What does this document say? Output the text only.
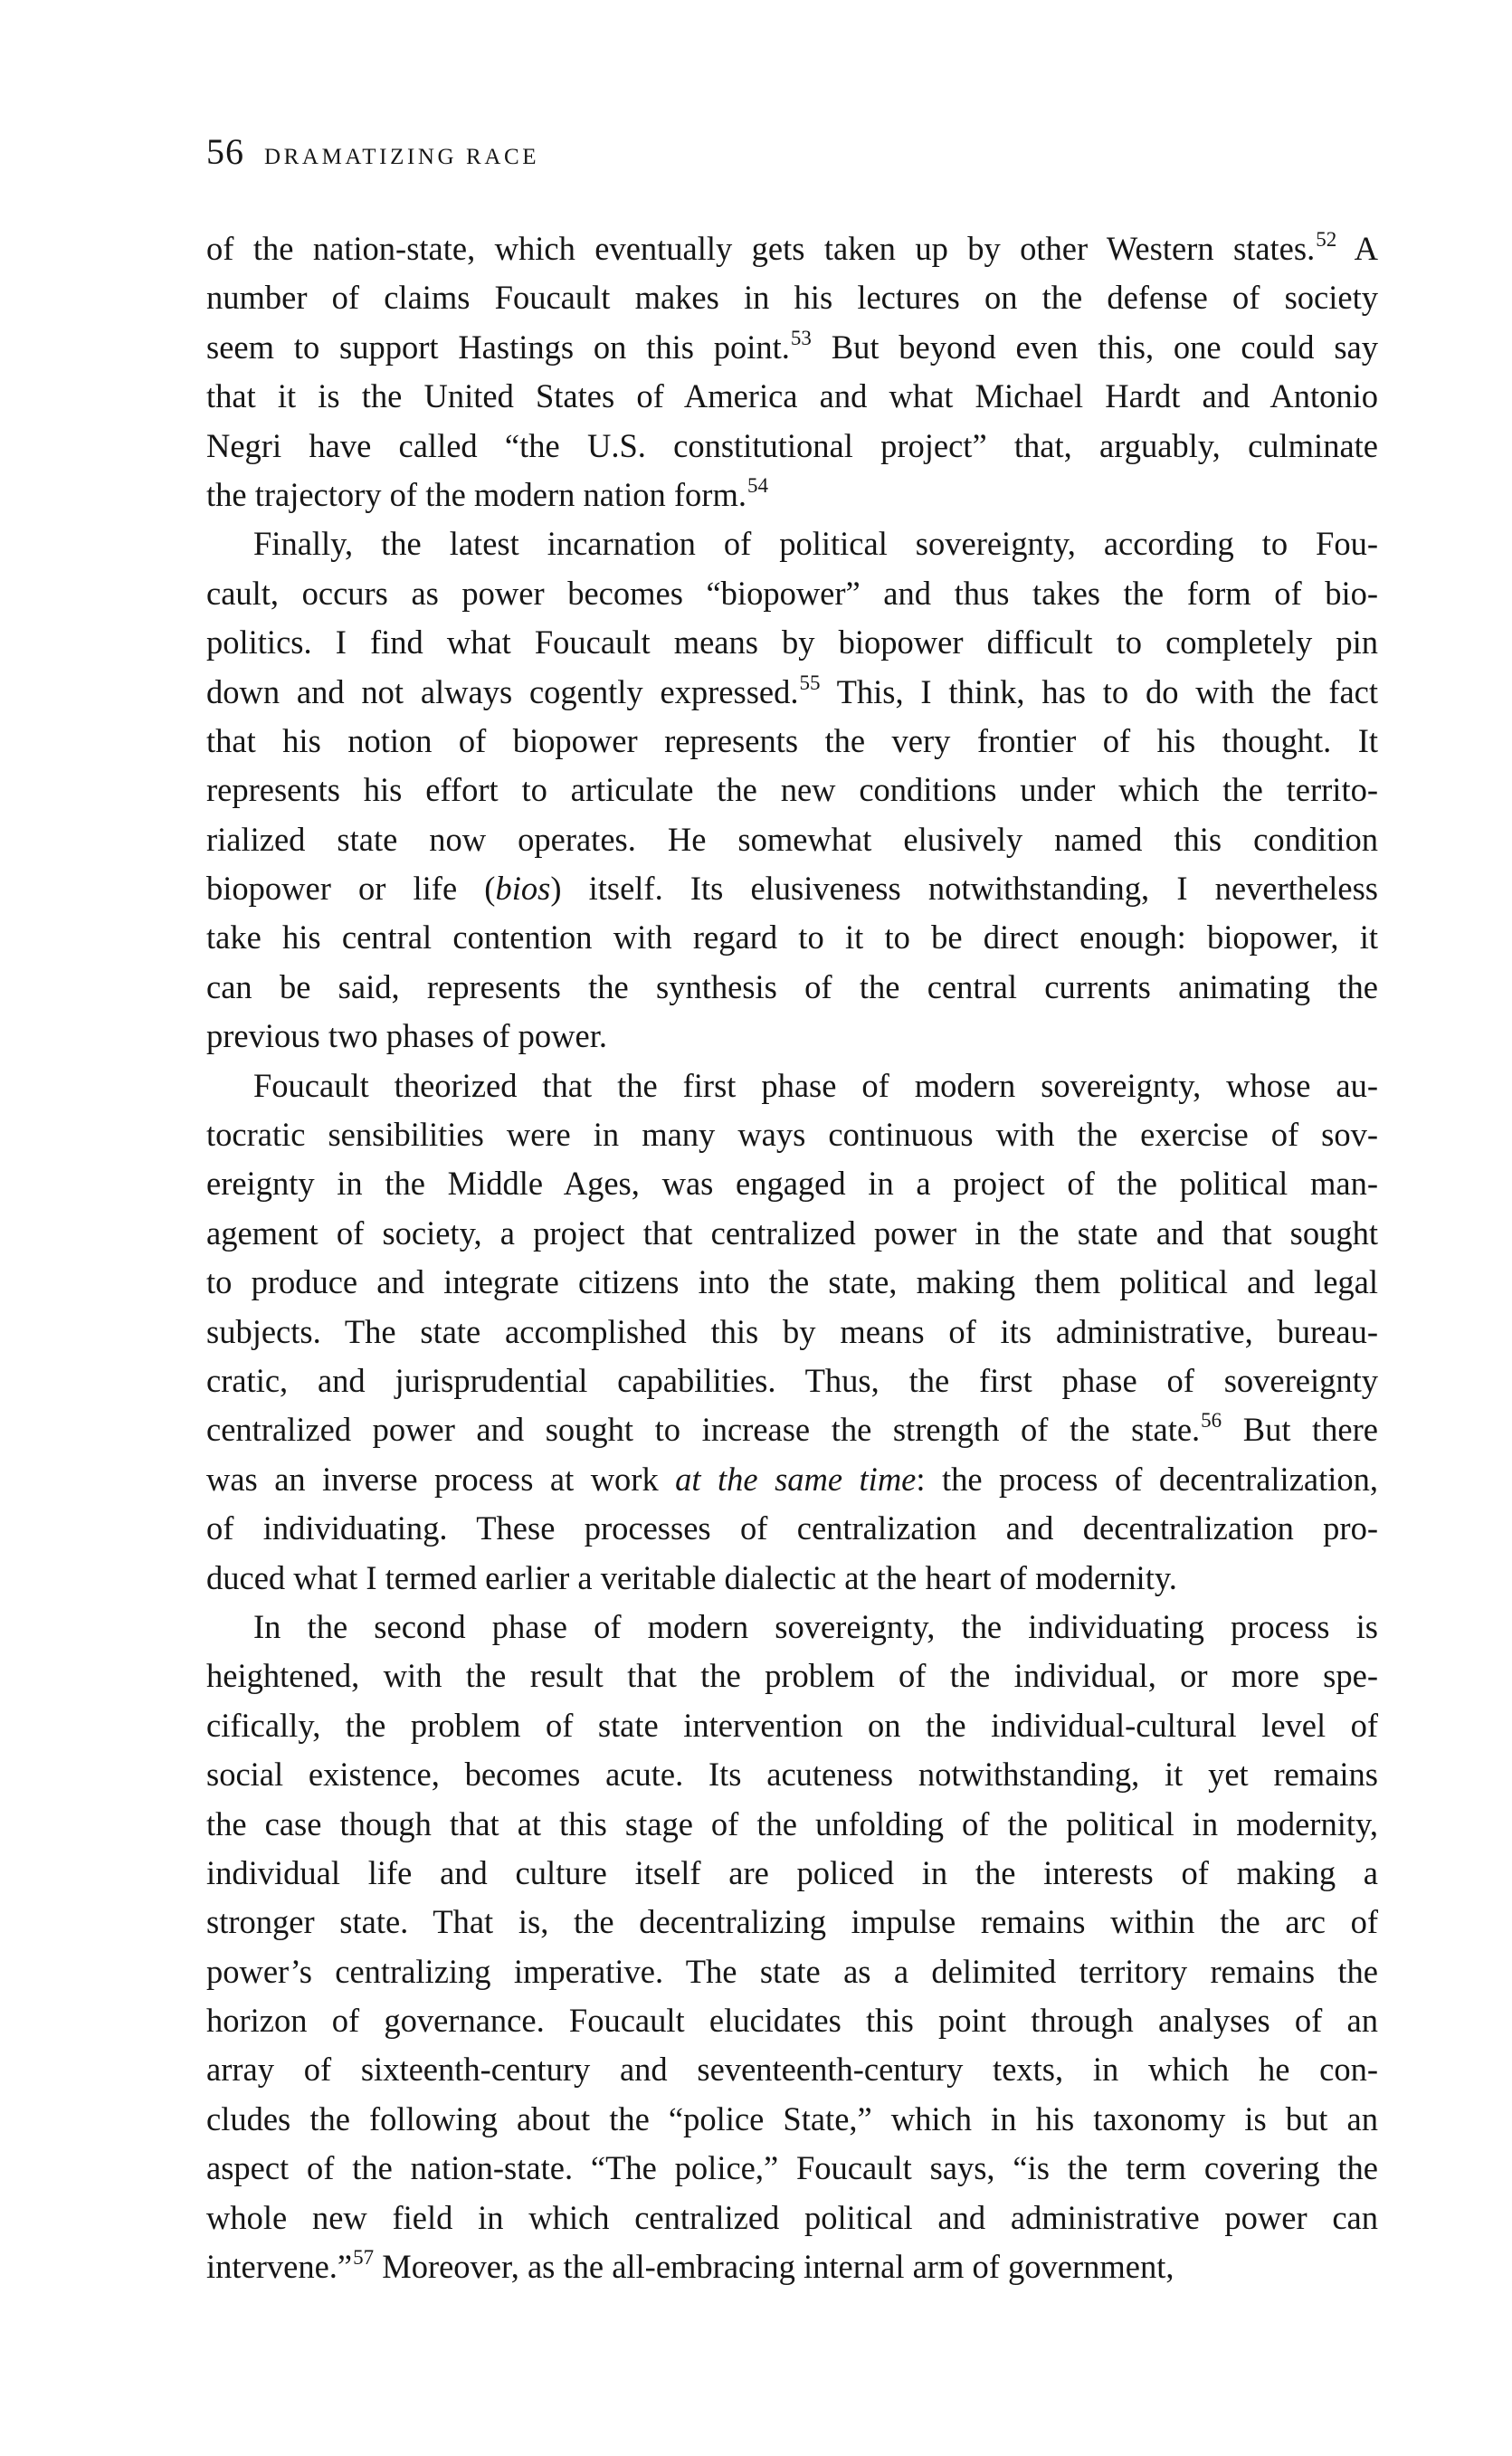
56 DRAMATIZING RACE
of the nation-state, which eventually gets taken up by other Western states.$^{52}$ A
number of claims Foucault makes in his lectures on the defense of society
seem to support Hastings on this point.$^{53}$ But beyond even this, one could say
that it is the United States of America and what Michael Hardt and Antonio
Negri have called “the U.S. constitutional project” that, arguably, culminate
the trajectory of the modern nation form.$^{54}$
Finally, the latest incarnation of political sovereignty, according to Fou-
cault, occurs as power becomes “biopower” and thus takes the form of bio-
politics. I find what Foucault means by biopower difficult to completely pin
down and not always cogently expressed.$^{55}$ This, I think, has to do with the fact
that his notion of biopower represents the very frontier of his thought. It
represents his effort to articulate the new conditions under which the territo-
rialized state now operates. He somewhat elusively named this condition
biopower or life (bios) itself. Its elusiveness notwithstanding, I nevertheless
take his central contention with regard to it to be direct enough: biopower, it
can be said, represents the synthesis of the central currents animating the
previous two phases of power.
Foucault theorized that the first phase of modern sovereignty, whose au-
tocratic sensibilities were in many ways continuous with the exercise of sov-
ereignty in the Middle Ages, was engaged in a project of the political man-
agement of society, a project that centralized power in the state and that sought
to produce and integrate citizens into the state, making them political and legal
subjects. The state accomplished this by means of its administrative, bureau-
cratic, and jurisprudential capabilities. Thus, the first phase of sovereignty
centralized power and sought to increase the strength of the state.$^{56}$ But there
was an inverse process at work at the same time: the process of decentralization,
of individuating. These processes of centralization and decentralization pro-
duced what I termed earlier a veritable dialectic at the heart of modernity.
In the second phase of modern sovereignty, the individuating process is
heightened, with the result that the problem of the individual, or more spe-
cifically, the problem of state intervention on the individual-cultural level of
social existence, becomes acute. Its acuteness notwithstanding, it yet remains
the case though that at this stage of the unfolding of the political in modernity,
individual life and culture itself are policed in the interests of making a
stronger state. That is, the decentralizing impulse remains within the arc of
power’s centralizing imperative. The state as a delimited territory remains the
horizon of governance. Foucault elucidates this point through analyses of an
array of sixteenth-century and seventeenth-century texts, in which he con-
cludes the following about the “police State,” which in his taxonomy is but an
aspect of the nation-state. “The police,” Foucault says, “is the term covering the
whole new field in which centralized political and administrative power can
intervene.”$^{57}$ Moreover, as the all-embracing internal arm of government,
